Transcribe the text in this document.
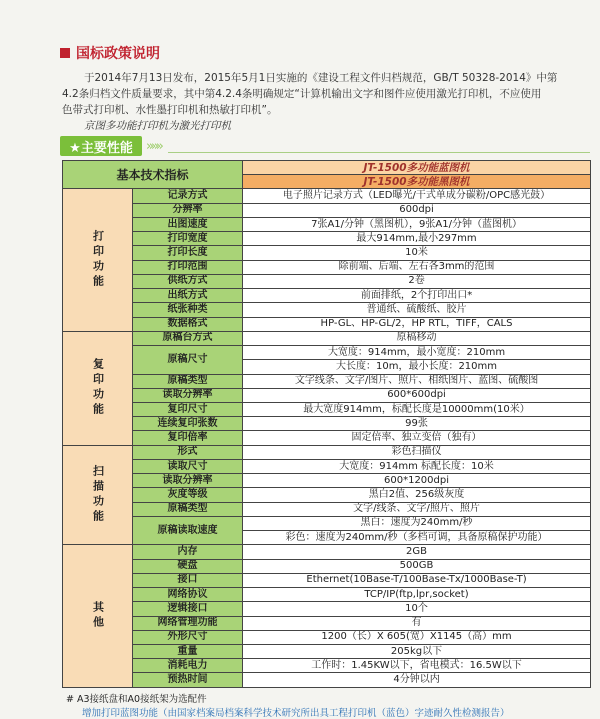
国标政策说明

于2014年7月13日发布，2015年5月1日实施的《建设工程文件归档规范，GB/T 50328-2014》中第

4.2条归档文件质量要求，其中第4.2.4条明确规定“计算机输出文字和图件应使用激光打印机，不应使用

色带式打印机、水性墨打印机和热敏打印机”。

京图多功能打印机为激光打印机

★主要性能	»»»
基本技术指标		JT-1500多功能蓝图机
		JT-1500多功能黑图机
打印功能	记录方式	电子照片记录方式（LED曝光/干式单成分碳粉/OPC感光鼓）
	分辨率	600dpi
	出图速度	7张A1/分钟（黑图机），9张A1/分钟（蓝图机）
	打印宽度	最大914mm,最小297mm
	打印长度	10米
	打印范围	除前端、后端、左右各3mm的范围
	供纸方式	2卷
	出纸方式	前面排纸，2个打印出口*
	纸张种类	普通纸、硫酸纸、胶片
	数据格式	HP-GL、HP-GL/2，HP RTL，TIFF，CALS
复印功能	原稿台方式	原稿移动
	原稿尺寸	大宽度：914mm，最小宽度：210mm
		大长度：10m，最小长度：210mm
	原稿类型	文字线条、文字/图片、照片、相纸图片、蓝图、硫酸图
	读取分辨率	600*600dpi
	复印尺寸	最大宽度914mm，标配长度是10000mm(10米）
	连续复印张数	99张
	复印倍率	固定倍率、独立变倍（独有）
扫描功能	形式	彩色扫描仪
	读取尺寸	大宽度：914mm 标配长度：10米
	读取分辨率	600*1200dpi
	灰度等级	黑白2值、256级灰度
	原稿类型	文字/线条、文字/照片、照片
	原稿读取速度	黑白：速度为240mm/秒
		彩色：速度为240mm/秒（多档可调，具备原稿保护功能）
其他	内存	2GB
	硬盘	500GB
	接口	Ethernet(10Base-T/100Base-Tx/1000Base-T)
	网络协议	TCP/IP(ftp,lpr,socket)
	逻辑接口	10个
	网络管理功能	有
	外形尺寸	1200（长）X 605(宽）X1145（高）mm
	重量	205kg以下
	消耗电力	工作时：1.45KW以下，省电模式：16.5W以下
	预热时间	4分钟以内
# A3接纸盘和A0接纸架为选配件
增加打印蓝图功能（由国家档案局档案科学技术研究所出具工程打印机（蓝色）字迹耐久性检测报告）
